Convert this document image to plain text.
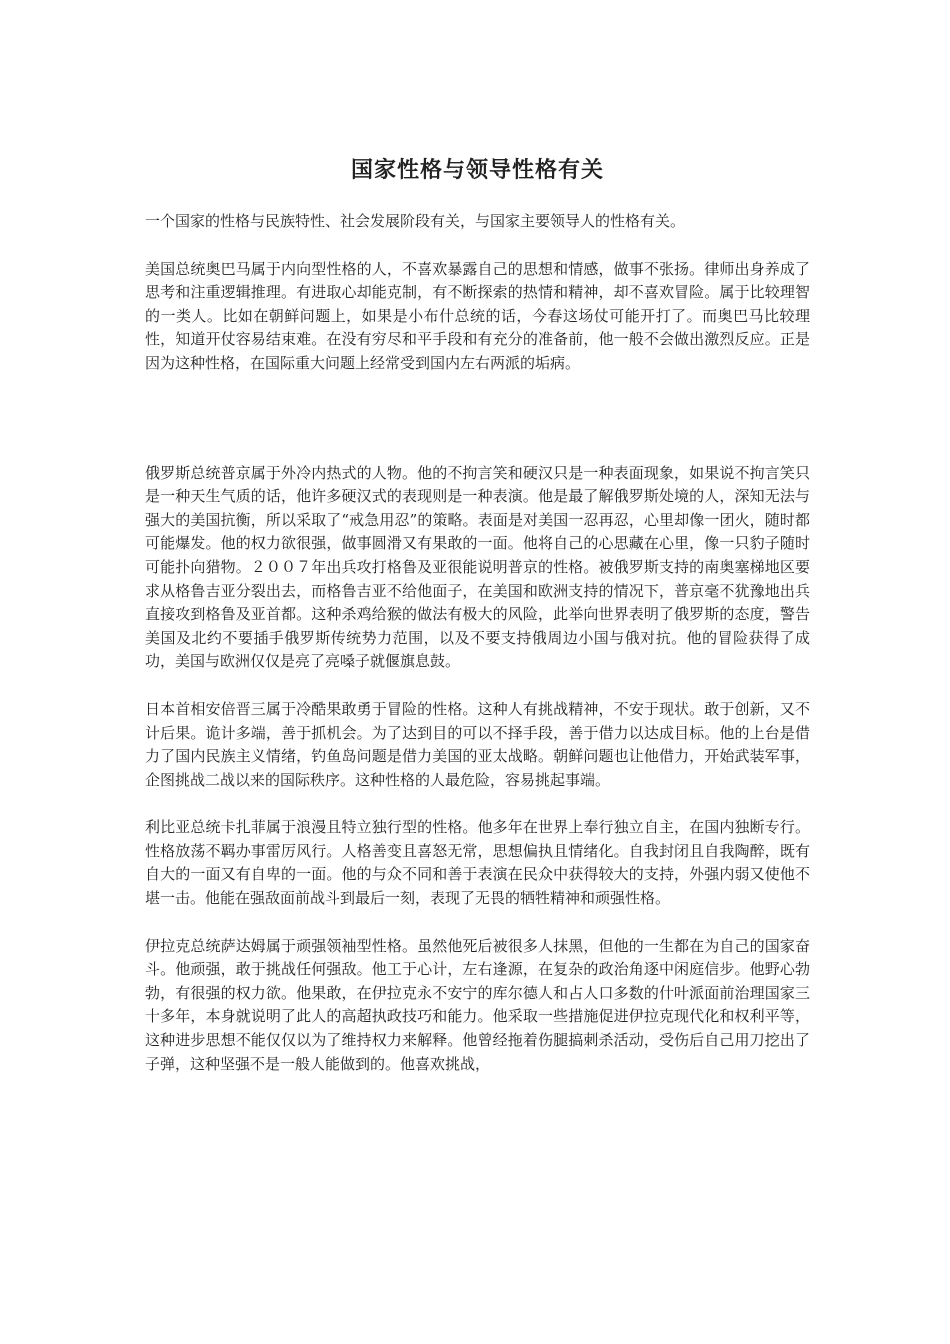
国家性格与领导性格有关

一个国家的性格与民族特性、社会发展阶段有关，与国家主要领导人的性格有关。

美国总统奥巴马属于内向型性格的人，不喜欢暴露自己的思想和情感，做事不张扬。律师出身养成了思考和注重逻辑推理。有进取心却能克制，有不断探索的热情和精神，却不喜欢冒险。属于比较理智的一类人。比如在朝鲜问题上，如果是小布什总统的话，今春这场仗可能开打了。而奥巴马比较理性，知道开仗容易结束难。在没有穷尽和平手段和有充分的准备前，他一般不会做出激烈反应。正是因为这种性格，在国际重大问题上经常受到国内左右两派的垢病。

俄罗斯总统普京属于外冷内热式的人物。他的不拘言笑和硬汉只是一种表面现象，如果说不拘言笑只是一种天生气质的话，他许多硬汉式的表现则是一种表演。他是最了解俄罗斯处境的人，深知无法与强大的美国抗衡，所以采取了“戒急用忍”的策略。表面是对美国一忍再忍，心里却像一团火，随时都可能爆发。他的权力欲很强，做事圆滑又有果敢的一面。他将自己的心思藏在心里，像一只豹子随时可能扑向猎物。２００７年出兵攻打格鲁及亚很能说明普京的性格。被俄罗斯支持的南奥塞梯地区要求从格鲁吉亚分裂出去，而格鲁吉亚不给他面子，在美国和欧洲支持的情况下，普京毫不犹豫地出兵直接攻到格鲁及亚首都。这种杀鸡给猴的做法有极大的风险，此举向世界表明了俄罗斯的态度，警告美国及北约不要插手俄罗斯传统势力范围，以及不要支持俄周边小国与俄对抗。他的冒险获得了成功，美国与欧洲仅仅是亮了亮嗓子就偃旗息鼓。

日本首相安倍晋三属于冷酷果敢勇于冒险的性格。这种人有挑战精神，不安于现状。敢于创新，又不计后果。诡计多端，善于抓机会。为了达到目的可以不择手段，善于借力以达成目标。他的上台是借力了国内民族主义情绪，钓鱼岛问题是借力美国的亚太战略。朝鲜问题也让他借力，开始武装军事，企图挑战二战以来的国际秩序。这种性格的人最危险，容易挑起事端。

利比亚总统卡扎菲属于浪漫且特立独行型的性格。他多年在世界上奉行独立自主，在国内独断专行。性格放荡不羁办事雷厉风行。人格善变且喜怒无常，思想偏执且情绪化。自我封闭且自我陶醉，既有自大的一面又有自卑的一面。他的与众不同和善于表演在民众中获得较大的支持，外强内弱又使他不堪一击。他能在强敌面前战斗到最后一刻，表现了无畏的牺牲精神和顽强性格。

伊拉克总统萨达姆属于顽强领袖型性格。虽然他死后被很多人抹黑，但他的一生都在为自己的国家奋斗。他顽强，敢于挑战任何强敌。他工于心计，左右逢源，在复杂的政治角逐中闲庭信步。他野心勃勃，有很强的权力欲。他果敢，在伊拉克永不安宁的库尔德人和占人口多数的什叶派面前治理国家三十多年，本身就说明了此人的高超执政技巧和能力。他采取一些措施促进伊拉克现代化和权利平等，这种进步思想不能仅仅以为了维持权力来解释。他曾经拖着伤腿搞刺杀活动，受伤后自己用刀挖出了子弹，这种坚强不是一般人能做到的。他喜欢挑战，
